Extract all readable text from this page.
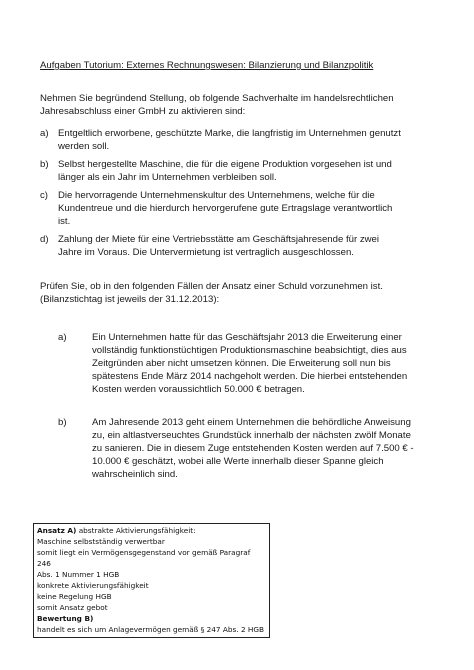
Aufgaben Tutorium: Externes Rechnungswesen: Bilanzierung und Bilanzpolitik
Nehmen Sie begründend Stellung, ob folgende Sachverhalte im handelsrechtlichen Jahresabschluss einer GmbH zu aktivieren sind:
a) Entgeltlich erworbene, geschützte Marke, die langfristig im Unternehmen genutzt werden soll.
b) Selbst hergestellte Maschine, die für die eigene Produktion vorgesehen ist und länger als ein Jahr im Unternehmen verbleiben soll.
c)	Die hervorragende Unternehmenskultur des Unternehmens, welche für die Kundentreue und die hierdurch hervorgerufene gute Ertragslage verantwortlich ist.
d) Zahlung der Miete für eine Vertriebsstätte am Geschäftsjahresende für zwei Jahre im Voraus. Die Untervermietung ist vertraglich ausgeschlossen.
Prüfen Sie, ob in den folgenden Fällen der Ansatz einer Schuld vorzunehmen ist. (Bilanzstichtag ist jeweils der 31.12.2013):
a)	Ein Unternehmen hatte für das Geschäftsjahr 2013 die Erweiterung einer vollständig funktionstüchtigen Produktionsmaschine beabsichtigt, dies aus Zeitgründen aber nicht umsetzen können. Die Erweiterung soll nun bis spätestens Ende März 2014 nachgeholt werden. Die hierbei entstehenden Kosten werden voraussichtlich 50.000 € betragen.
b)	Am Jahresende 2013 geht einem Unternehmen die behördliche Anweisung zu, ein altlastverseuchtes Grundstück innerhalb der nächsten zwölf Monate zu sanieren. Die in diesem Zuge entstehenden Kosten werden auf 7.500 € - 10.000 € geschätzt, wobei alle Werte innerhalb dieser Spanne gleich wahrscheinlich sind.
Ansatz A) abstrakte Aktivierungsfähigkeit:
Maschine selbstständig verwertbar
somit liegt ein Vermögensgegenstand vor gemäß Paragraf 246
Abs. 1 Nummer 1 HGB
konkrete Aktivierungsfähigkeit
keine Regelung HGB
somit Ansatz gebot
Bewertung B)
handelt es sich um Anlagevermögen gemäß § 247 Abs. 2 HGB
